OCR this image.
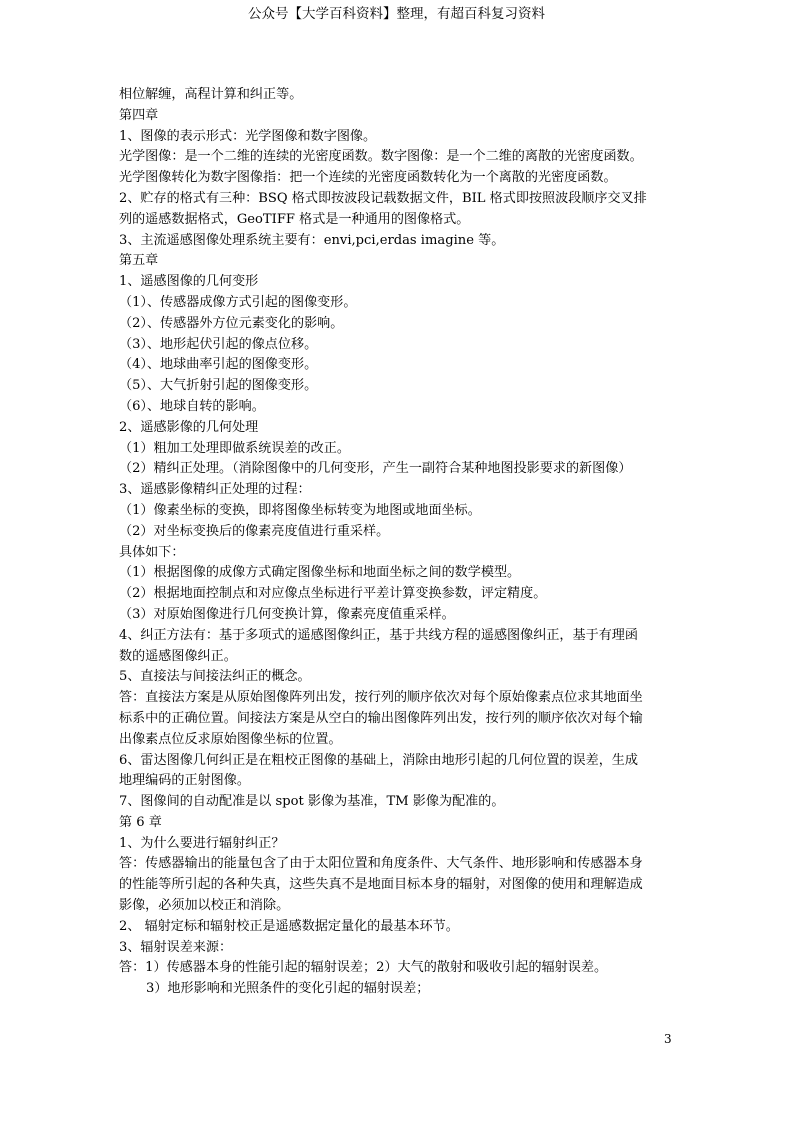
公众号【大学百科资料】整理，有超百科复习资料
相位解缠，高程计算和纠正等。
第四章
1、图像的表示形式：光学图像和数字图像。
光学图像：是一个二维的连续的光密度函数。数字图像：是一个二维的离散的光密度函数。
光学图像转化为数字图像指：把一个连续的光密度函数转化为一个离散的光密度函数。
2、贮存的格式有三种：BSQ 格式即按波段记载数据文件，BIL 格式即按照波段顺序交叉排
列的遥感数据格式，GeoTIFF 格式是一种通用的图像格式。
3、主流遥感图像处理系统主要有：envi,pci,erdas imagine 等。
第五章
1、遥感图像的几何变形
（1）、传感器成像方式引起的图像变形。
（2）、传感器外方位元素变化的影响。
（3）、地形起伏引起的像点位移。
（4）、地球曲率引起的图像变形。
（5）、大气折射引起的图像变形。
（6）、地球自转的影响。
2、遥感影像的几何处理
（1）粗加工处理即做系统误差的改正。
（2）精纠正处理。（消除图像中的几何变形，产生一副符合某种地图投影要求的新图像）
3、遥感影像精纠正处理的过程：
（1）像素坐标的变换，即将图像坐标转变为地图或地面坐标。
（2）对坐标变换后的像素亮度值进行重采样。
具体如下：
（1）根据图像的成像方式确定图像坐标和地面坐标之间的数学模型。
（2）根据地面控制点和对应像点坐标进行平差计算变换参数，评定精度。
（3）对原始图像进行几何变换计算，像素亮度值重采样。
4、纠正方法有：基于多项式的遥感图像纠正，基于共线方程的遥感图像纠正，基于有理函
数的遥感图像纠正。
5、直接法与间接法纠正的概念。
答：直接法方案是从原始图像阵列出发，按行列的顺序依次对每个原始像素点位求其地面坐
标系中的正确位置。间接法方案是从空白的输出图像阵列出发，按行列的顺序依次对每个输
出像素点位反求原始图像坐标的位置。
6、雷达图像几何纠正是在粗校正图像的基础上，消除由地形引起的几何位置的误差，生成
地理编码的正射图像。
7、图像间的自动配准是以 spot 影像为基准，TM 影像为配准的。
第 6 章
1、为什么要进行辐射纠正？
答：传感器输出的能量包含了由于太阳位置和角度条件、大气条件、地形影响和传感器本身
的性能等所引起的各种失真，这些失真不是地面目标本身的辐射，对图像的使用和理解造成
影像，必须加以校正和消除。
2、 辐射定标和辐射校正是遥感数据定量化的最基本环节。
3、辐射误差来源：
答：1）传感器本身的性能引起的辐射误差；2）大气的散射和吸收引起的辐射误差。
3）地形影响和光照条件的变化引起的辐射误差；
3
